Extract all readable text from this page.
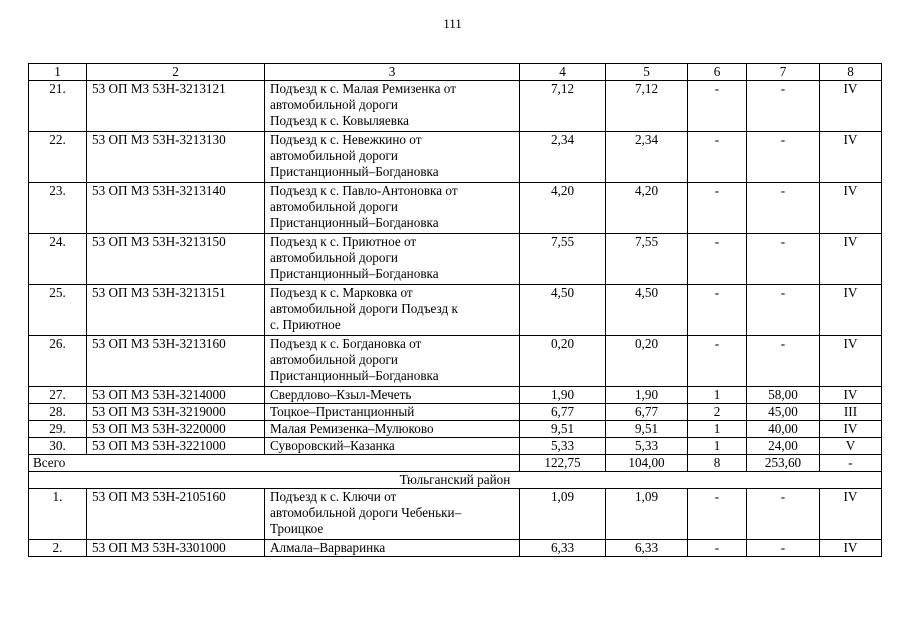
111
1	2	3	4	5	6	7	8
21.	53 ОП МЗ 53Н-3213121	Подъезд к с. Малая Ремизенка от
автомобильной дороги
Подъезд к с. Ковыляевка	7,12	7,12	-	-	IV
22.	53 ОП МЗ 53Н-3213130	Подъезд к с. Невежкино от
автомобильной дороги
Пристанционный–Богдановка	2,34	2,34	-	-	IV
23.	53 ОП МЗ 53Н-3213140	Подъезд к с. Павло-Антоновка от
автомобильной дороги
Пристанционный–Богдановка	4,20	4,20	-	-	IV
24.	53 ОП МЗ 53Н-3213150	Подъезд к с. Приютное от
автомобильной дороги
Пристанционный–Богдановка	7,55	7,55	-	-	IV
25.	53 ОП МЗ 53Н-3213151	Подъезд к с. Марковка от
автомобильной дороги Подъезд к
с. Приютное	4,50	4,50	-	-	IV
26.	53 ОП МЗ 53Н-3213160	Подъезд к с. Богдановка от
автомобильной дороги
Пристанционный–Богдановка	0,20	0,20	-	-	IV
27.	53 ОП МЗ 53Н-3214000	Свердлово–Кзыл-Мечеть	1,90	1,90	1	58,00	IV
28.	53 ОП МЗ 53Н-3219000	Тоцкое–Пристанционный	6,77	6,77	2	45,00	III
29.	53 ОП МЗ 53Н-3220000	Малая Ремизенка–Мулюково	9,51	9,51	1	40,00	IV
30.	53 ОП МЗ 53Н-3221000	Суворовский–Казанка	5,33	5,33	1	24,00	V
Всего			122,75	104,00	8	253,60	-
Тюльганский район							
1.	53 ОП МЗ 53Н-2105160	Подъезд к с. Ключи от
автомобильной дороги Чебеньки–
Троицкое	1,09	1,09	-	-	IV
2.	53 ОП МЗ 53Н-3301000	Алмала–Варваринка	6,33	6,33	-	-	IV
